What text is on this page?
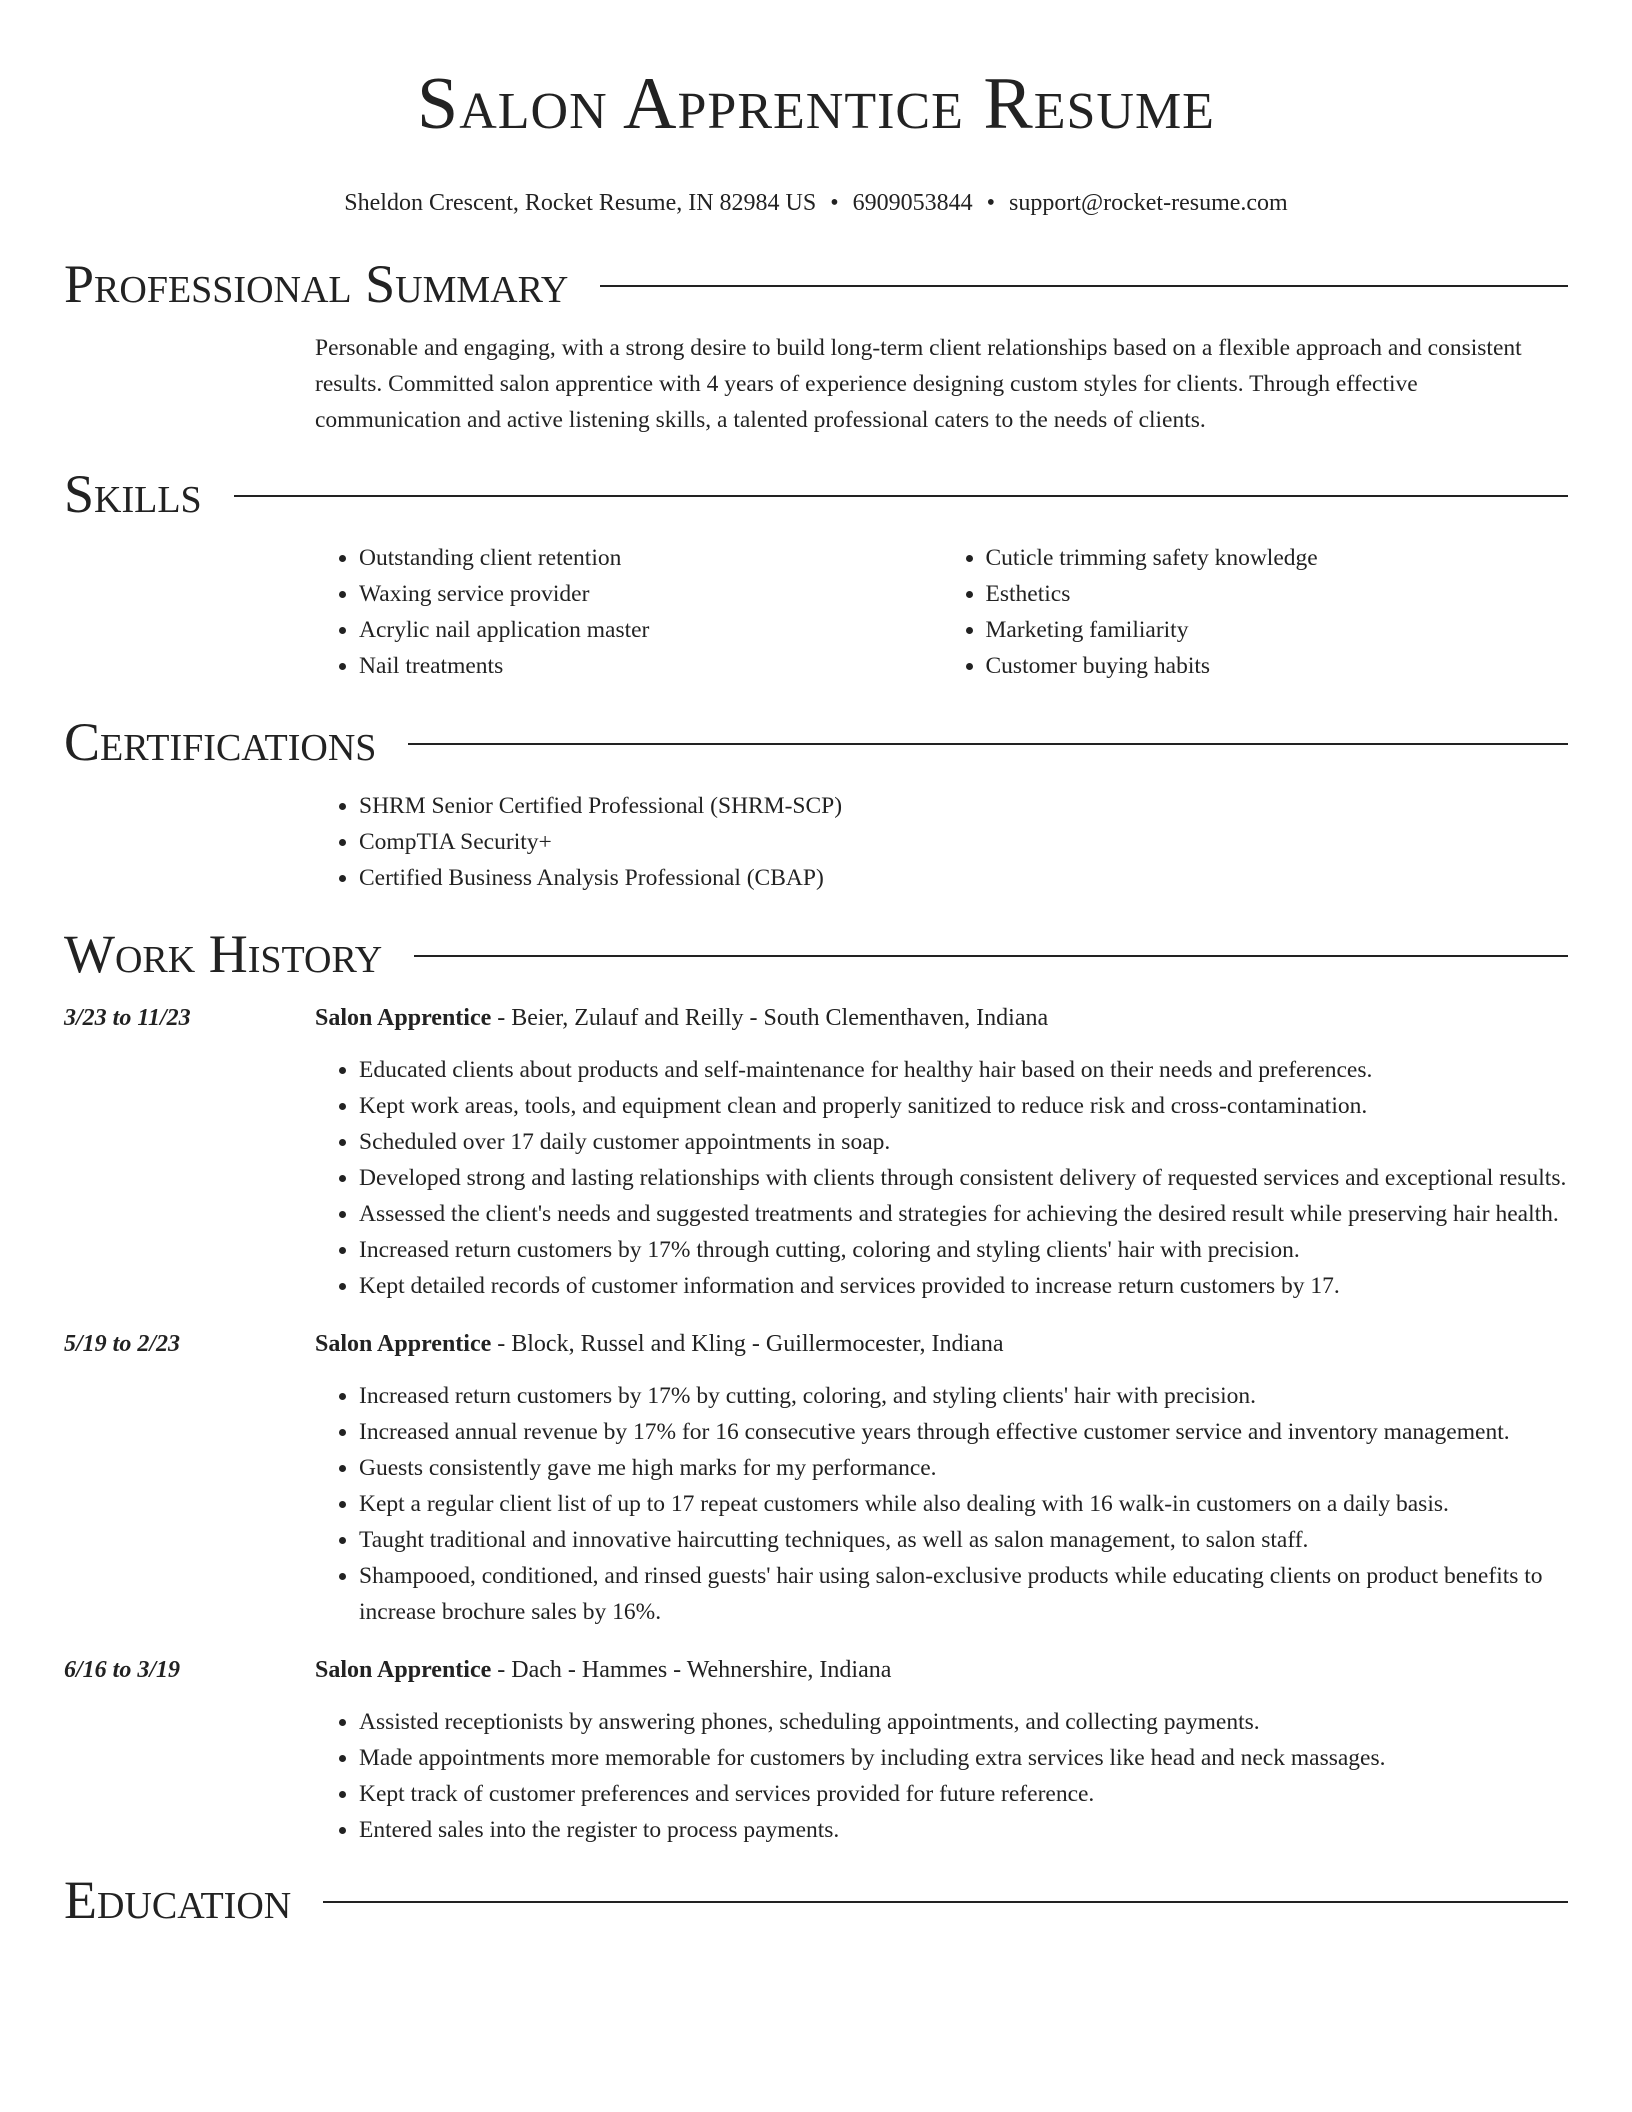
Salon Apprentice Resume
Sheldon Crescent, Rocket Resume, IN 82984 US • 6909053844 • support@rocket-resume.com
Professional Summary
Personable and engaging, with a strong desire to build long-term client relationships based on a flexible approach and consistent results. Committed salon apprentice with 4 years of experience designing custom styles for clients. Through effective communication and active listening skills, a talented professional caters to the needs of clients.
Skills
• Outstanding client retention
• Waxing service provider
• Acrylic nail application master
• Nail treatments
• Cuticle trimming safety knowledge
• Esthetics
• Marketing familiarity
• Customer buying habits
Certifications
• SHRM Senior Certified Professional (SHRM-SCP)
• CompTIA Security+
• Certified Business Analysis Professional (CBAP)
Work History
3/23 to 11/23	Salon Apprentice - Beier, Zulauf and Reilly - South Clementhaven, Indiana
• Educated clients about products and self-maintenance for healthy hair based on their needs and preferences.
• Kept work areas, tools, and equipment clean and properly sanitized to reduce risk and cross-contamination.
• Scheduled over 17 daily customer appointments in soap.
• Developed strong and lasting relationships with clients through consistent delivery of requested services and exceptional results.
• Assessed the client's needs and suggested treatments and strategies for achieving the desired result while preserving hair health.
• Increased return customers by 17% through cutting, coloring and styling clients' hair with precision.
• Kept detailed records of customer information and services provided to increase return customers by 17.
5/19 to 2/23	Salon Apprentice - Block, Russel and Kling - Guillermocester, Indiana
• Increased return customers by 17% by cutting, coloring, and styling clients' hair with precision.
• Increased annual revenue by 17% for 16 consecutive years through effective customer service and inventory management.
• Guests consistently gave me high marks for my performance.
• Kept a regular client list of up to 17 repeat customers while also dealing with 16 walk-in customers on a daily basis.
• Taught traditional and innovative haircutting techniques, as well as salon management, to salon staff.
• Shampooed, conditioned, and rinsed guests' hair using salon-exclusive products while educating clients on product benefits to increase brochure sales by 16%.
6/16 to 3/19	Salon Apprentice - Dach - Hammes - Wehnershire, Indiana
• Assisted receptionists by answering phones, scheduling appointments, and collecting payments.
• Made appointments more memorable for customers by including extra services like head and neck massages.
• Kept track of customer preferences and services provided for future reference.
• Entered sales into the register to process payments.
Education
